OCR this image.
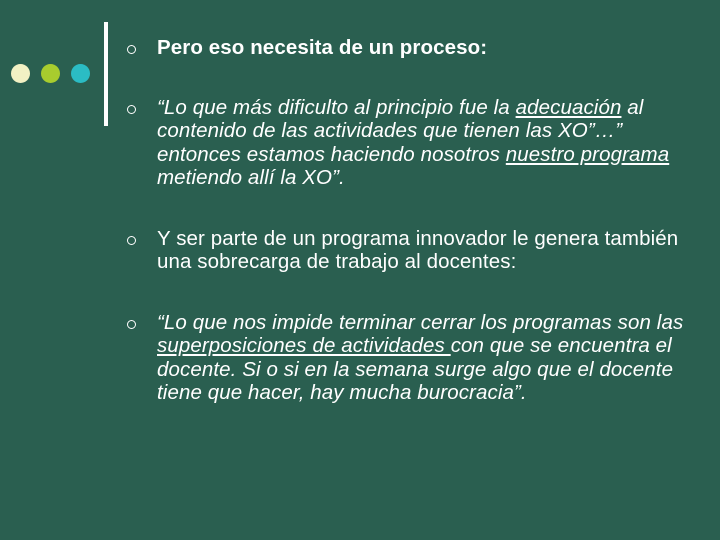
Pero eso necesita de un proceso:
“Lo que más dificulto al principio fue la adecuación al contenido de las actividades que tienen las XO”…” entonces estamos haciendo nosotros nuestro programa metiendo allí la XO”.
Y ser parte de un programa innovador le genera también una sobrecarga de trabajo al docentes:
“Lo que nos impide terminar cerrar los programas son las superposiciones de actividades con que se encuentra el docente. Si o si en la semana surge algo que el docente tiene que hacer, hay mucha burocracia”.
